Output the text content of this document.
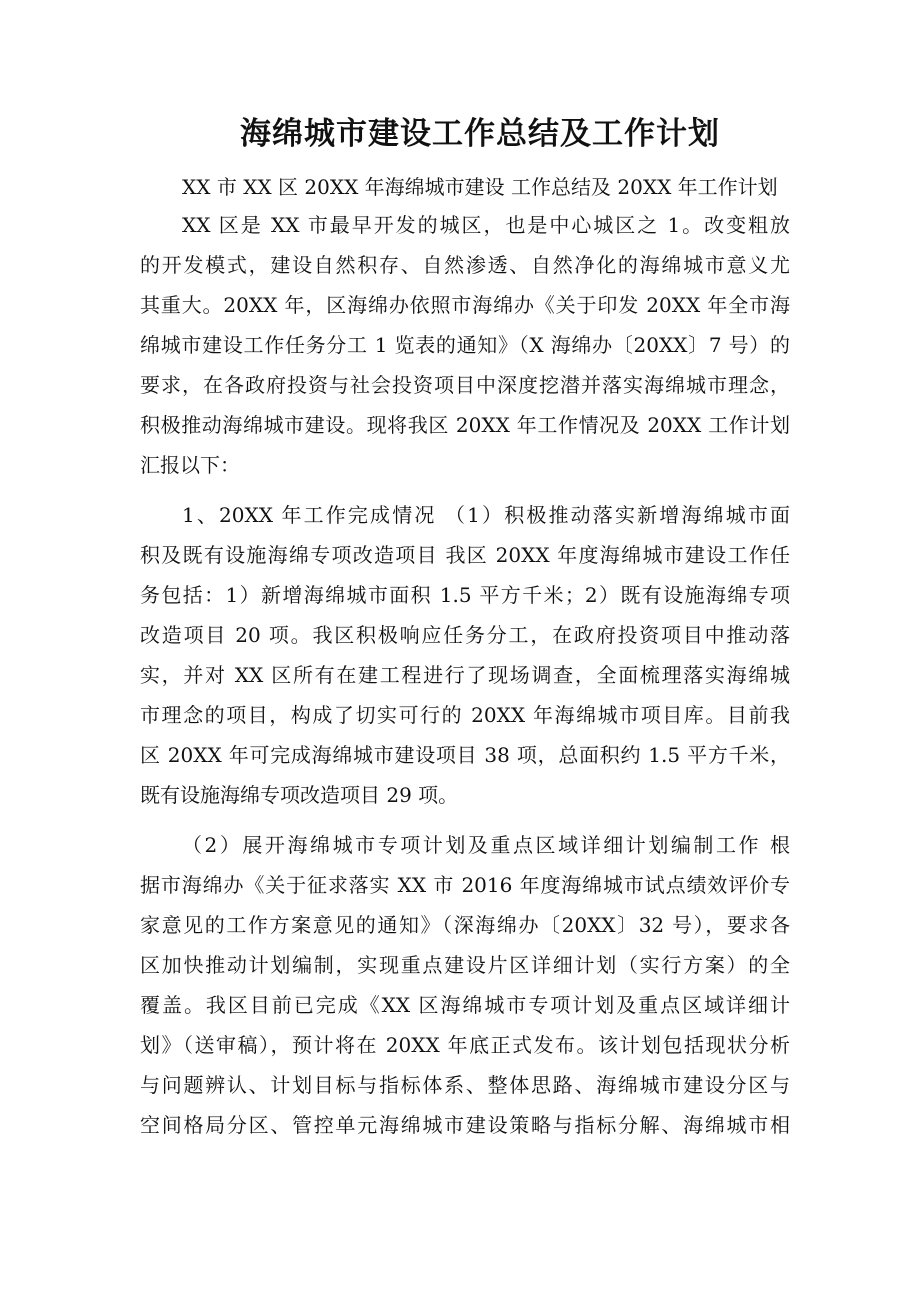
海绵城市建设工作总结及工作计划

XX 市 XX 区 20XX 年海绵城市建设 工作总结及 20XX 年工作计划

XX 区是 XX 市最早开发的城区，也是中心城区之 1。改变粗放

的开发模式，建设自然积存、自然渗透、自然净化的海绵城市意义尤

其重大。20XX 年，区海绵办依照市海绵办《关于印发 20XX 年全市海

绵城市建设工作任务分工 1 览表的通知》（X 海绵办〔20XX〕7 号）的

要求，在各政府投资与社会投资项目中深度挖潜并落实海绵城市理念，

积极推动海绵城市建设。现将我区 20XX 年工作情况及 20XX 工作计划

汇报以下：

1、20XX 年工作完成情况 （1）积极推动落实新增海绵城市面

积及既有设施海绵专项改造项目 我区 20XX 年度海绵城市建设工作任

务包括：1）新增海绵城市面积 1.5 平方千米；2）既有设施海绵专项

改造项目 20 项。我区积极响应任务分工，在政府投资项目中推动落

实，并对 XX 区所有在建工程进行了现场调查，全面梳理落实海绵城

市理念的项目，构成了切实可行的 20XX 年海绵城市项目库。目前我

区 20XX 年可完成海绵城市建设项目 38 项，总面积约 1.5 平方千米，

既有设施海绵专项改造项目 29 项。

（2）展开海绵城市专项计划及重点区域详细计划编制工作 根

据市海绵办《关于征求落实 XX 市 2016 年度海绵城市试点绩效评价专

家意见的工作方案意见的通知》（深海绵办〔20XX〕32 号），要求各

区加快推动计划编制，实现重点建设片区详细计划（实行方案）的全

覆盖。我区目前已完成《XX 区海绵城市专项计划及重点区域详细计

划》（送审稿），预计将在 20XX 年底正式发布。该计划包括现状分析

与问题辨认、计划目标与指标体系、整体思路、海绵城市建设分区与

空间格局分区、管控单元海绵城市建设策略与指标分解、海绵城市相
